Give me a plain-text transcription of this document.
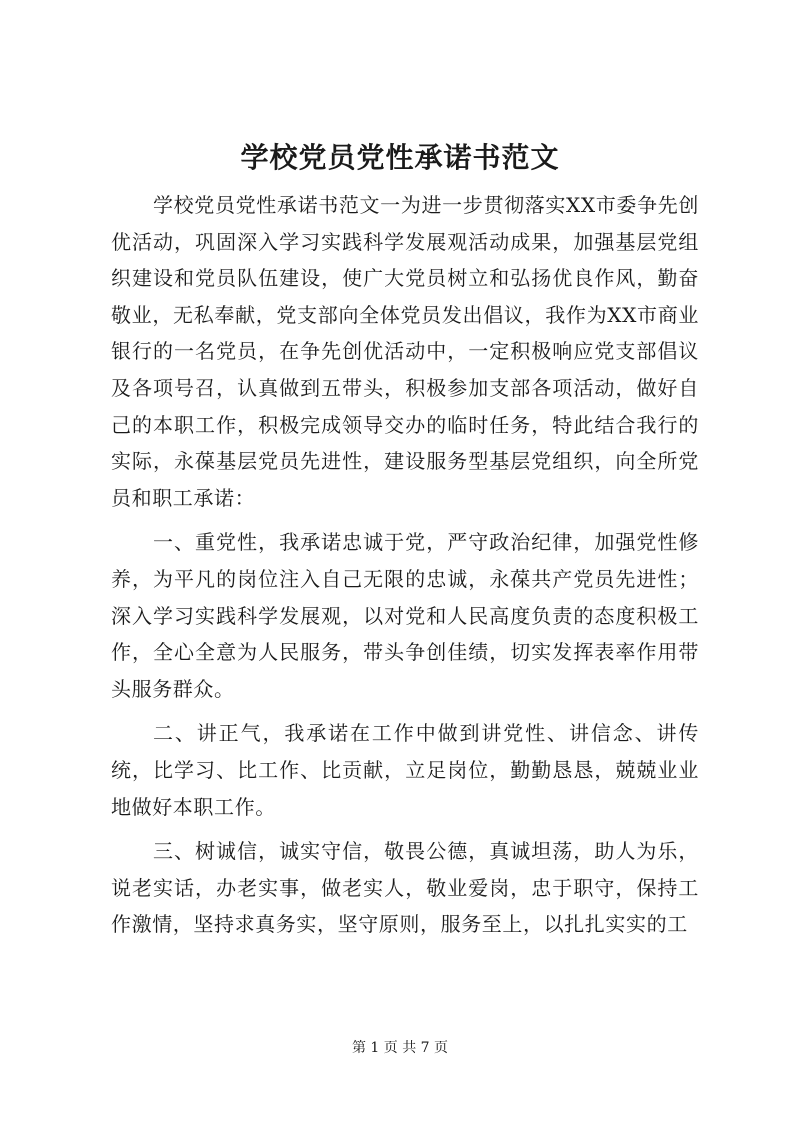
学校党员党性承诺书范文

学校党员党性承诺书范文一为进一步贯彻落实XX市委争先创优活动，巩固深入学习实践科学发展观活动成果，加强基层党组织建设和党员队伍建设，使广大党员树立和弘扬优良作风，勤奋敬业，无私奉献，党支部向全体党员发出倡议，我作为XX市商业银行的一名党员，在争先创优活动中，一定积极响应党支部倡议及各项号召，认真做到五带头，积极参加支部各项活动，做好自己的本职工作，积极完成领导交办的临时任务，特此结合我行的实际，永葆基层党员先进性，建设服务型基层党组织，向全所党员和职工承诺：

一、重党性，我承诺忠诚于党，严守政治纪律，加强党性修养，为平凡的岗位注入自己无限的忠诚，永葆共产党员先进性；深入学习实践科学发展观，以对党和人民高度负责的态度积极工作，全心全意为人民服务，带头争创佳绩，切实发挥表率作用带头服务群众。

二、讲正气，我承诺在工作中做到讲党性、讲信念、讲传统，比学习、比工作、比贡献，立足岗位，勤勤恳恳，兢兢业业地做好本职工作。

三、树诚信，诚实守信，敬畏公德，真诚坦荡，助人为乐，说老实话，办老实事，做老实人，敬业爱岗，忠于职守，保持工作激情，坚持求真务实，坚守原则，服务至上，以扎扎实实的工

第 1 页 共 7 页
